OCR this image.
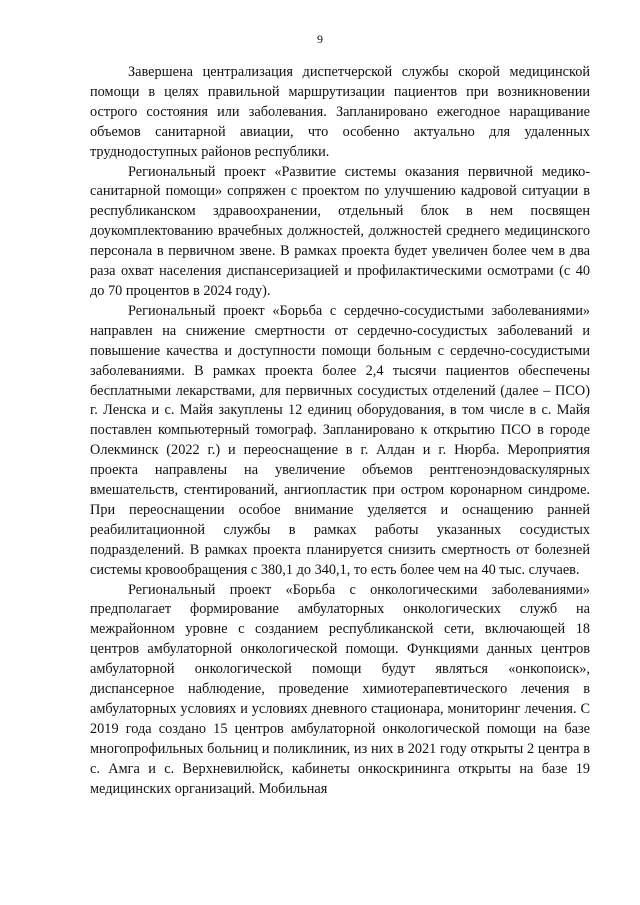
9

Завершена централизация диспетчерской службы скорой медицинской помощи в целях правильной маршрутизации пациентов при возникновении острого состояния или заболевания. Запланировано ежегодное наращивание объемов санитарной авиации, что особенно актуально для удаленных труднодоступных районов республики.

Региональный проект «Развитие системы оказания первичной медико-санитарной помощи» сопряжен с проектом по улучшению кадровой ситуации в республиканском здравоохранении, отдельный блок в нем посвящен доукомплектованию врачебных должностей, должностей среднего медицинского персонала в первичном звене. В рамках проекта будет увеличен более чем в два раза охват населения диспансеризацией и профилактическими осмотрами (с 40 до 70 процентов в 2024 году).

Региональный проект «Борьба с сердечно-сосудистыми заболеваниями» направлен на снижение смертности от сердечно-сосудистых заболеваний и повышение качества и доступности помощи больным с сердечно-сосудистыми заболеваниями. В рамках проекта более 2,4 тысячи пациентов обеспечены бесплатными лекарствами, для первичных сосудистых отделений (далее – ПСО) г. Ленска и с. Майя закуплены 12 единиц оборудования, в том числе в с. Майя поставлен компьютерный томограф. Запланировано к открытию ПСО в городе Олекминск (2022 г.) и переоснащение в г. Алдан и г. Нюрба. Мероприятия проекта направлены на увеличение объемов рентгеноэндоваскулярных вмешательств, стентирований, ангиопластик при остром коронарном синдроме. При переоснащении особое внимание уделяется и оснащению ранней реабилитационной службы в рамках работы указанных сосудистых подразделений. В рамках проекта планируется снизить смертность от болезней системы кровообращения с 380,1 до 340,1, то есть более чем на 40 тыс. случаев.

Региональный проект «Борьба с онкологическими заболеваниями» предполагает формирование амбулаторных онкологических служб на межрайонном уровне с созданием республиканской сети, включающей 18 центров амбулаторной онкологической помощи. Функциями данных центров амбулаторной онкологической помощи будут являться «онкопоиск», диспансерное наблюдение, проведение химиотерапевтического лечения в амбулаторных условиях и условиях дневного стационара, мониторинг лечения. С 2019 года создано 15 центров амбулаторной онкологической помощи на базе многопрофильных больниц и поликлиник, из них в 2021 году открыты 2 центра в с. Амга и с. Верхневилюйск, кабинеты онкоскрининга открыты на базе 19 медицинских организаций. Мобильная
